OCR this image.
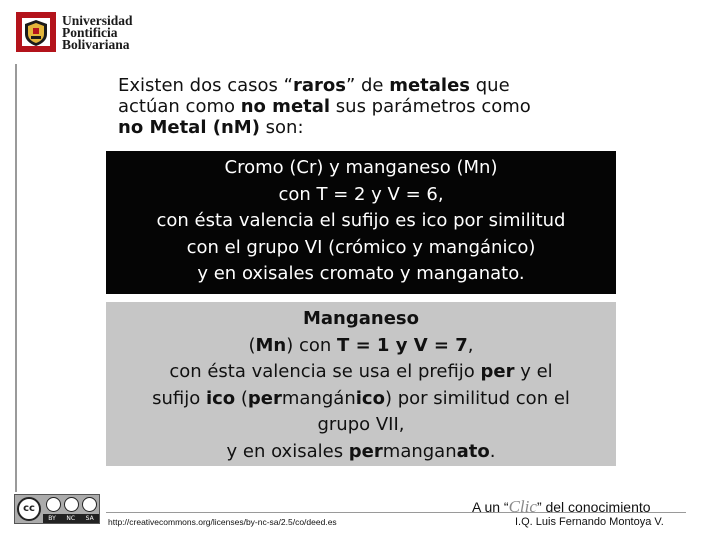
Universidad
Pontificia
Bolivariana
Existen dos casos “raros” de metales que
actúan como no metal sus parámetros como
no Metal (nM) son:
Cromo (Cr) y manganeso (Mn)
con T = 2 y V = 6,
con ésta valencia el sufijo es ico por similitud
con el grupo VI (crómico y mangánico)
y en oxisales cromato y manganato.
Manganeso
(Mn) con T = 1 y V = 7,
con ésta valencia se usa el prefijo per y el
sufijo ico (permangánico) por similitud con el
grupo VII,
y en oxisales permanganato.
cc
BY NC SA http://creativecommons.org/licenses/by-nc-sa/2.5/co/deed.es
A un “Clic” del conocimiento
I.Q. Luis Fernando Montoya V.
